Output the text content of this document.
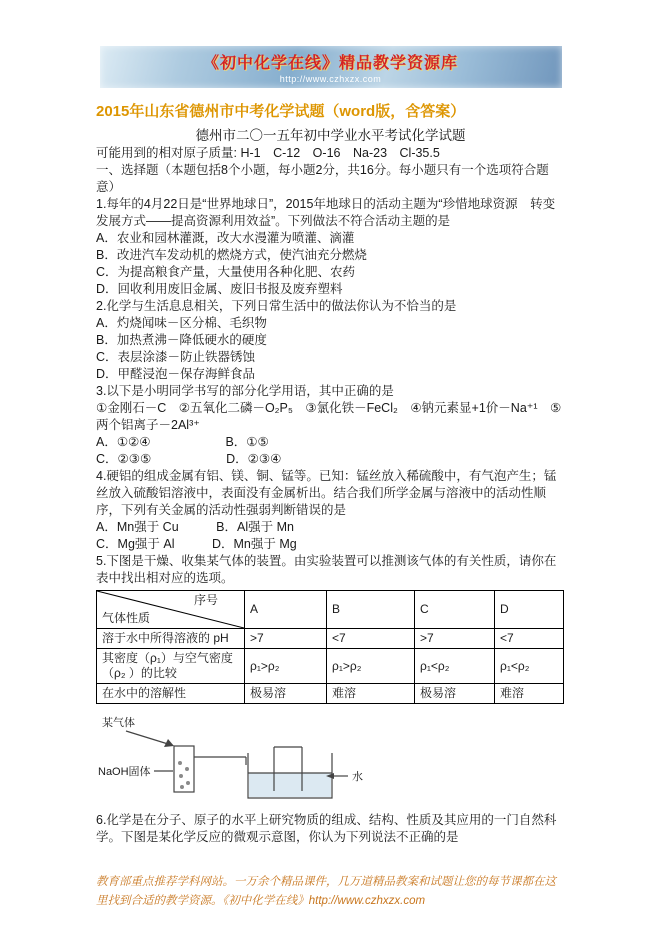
《初中化学在线》精品教学资源库
http://www.czhxzx.com
2015年山东省德州市中考化学试题（word版，含答案）
德州市二〇一五年初中学业水平考试化学试题

可能用到的相对原子质量: H-1　C-12　O-16　Na-23　Cl-35.5

一、选择题（本题包括8个小题，每小题2分，共16分。每小题只有一个选项符合题意）

1.每年的4月22日是“世界地球日”，2015年地球日的活动主题为“珍惜地球资源　转变发展方式――提高资源利用效益”。下列做法不符合活动主题的是

A．农业和园林灌溉，改大水漫灌为喷灌、滴灌

B．改进汽车发动机的燃烧方式，使汽油充分燃烧

C．为提高粮食产量，大量使用各种化肥、农药

D．回收利用废旧金属、废旧书报及废弃塑料

2.化学与生活息息相关，下列日常生活中的做法你认为不恰当的是

A．灼烧闻味－区分棉、毛织物

B．加热煮沸－降低硬水的硬度

C．表层涂漆－防止铁器锈蚀

D．甲醛浸泡－保存海鲜食品

3.以下是小明同学书写的部分化学用语，其中正确的是

①金刚石－C　②五氧化二磷－O₂P₅　③氯化铁－FeCl₂　④钠元素显+1价－Na⁺¹　⑤两个铝离子－2Al³⁺

A．①②④　　　　　　B．①⑤

C．②③⑤　　　　　　D．②③④

4.硬铝的组成金属有铝、镁、铜、锰等。已知：锰丝放入稀硫酸中，有气泡产生；锰丝放入硫酸铝溶液中，表面没有金属析出。结合我们所学金属与溶液中的活动性顺序，下列有关金属的活动性强弱判断错误的是

A．Mn强于 Cu　　　B．Al强于 Mn

C．Mg强于 Al　　　D．Mn强于 Mg

5.下图是干燥、收集某气体的装置。由实验装置可以推测该气体的有关性质，请你在表中找出相对应的选项。

序号
气体性质	A	B	C	D
溶于水中所得溶液的 pH	>7	<7	>7	<7
其密度（ρ₁）与空气密度（ρ₂ ）的比较	ρ₁>ρ₂	ρ₁>ρ₂	ρ₁<ρ₂	ρ₁<ρ₂
在水中的溶解性	极易溶	难溶	极易溶	难溶
某气体
NaOH固体	水

6.化学是在分子、原子的水平上研究物质的组成、结构、性质及其应用的一门自然科学。下图是某化学反应的微观示意图，你认为下列说法不正确的是

教育部重点推荐学科网站。一万余个精品课件，几万道精品教案和试题让您的每节课都在这里找到合适的教学资源。《初中化学在线》http://www.czhxzx.com
